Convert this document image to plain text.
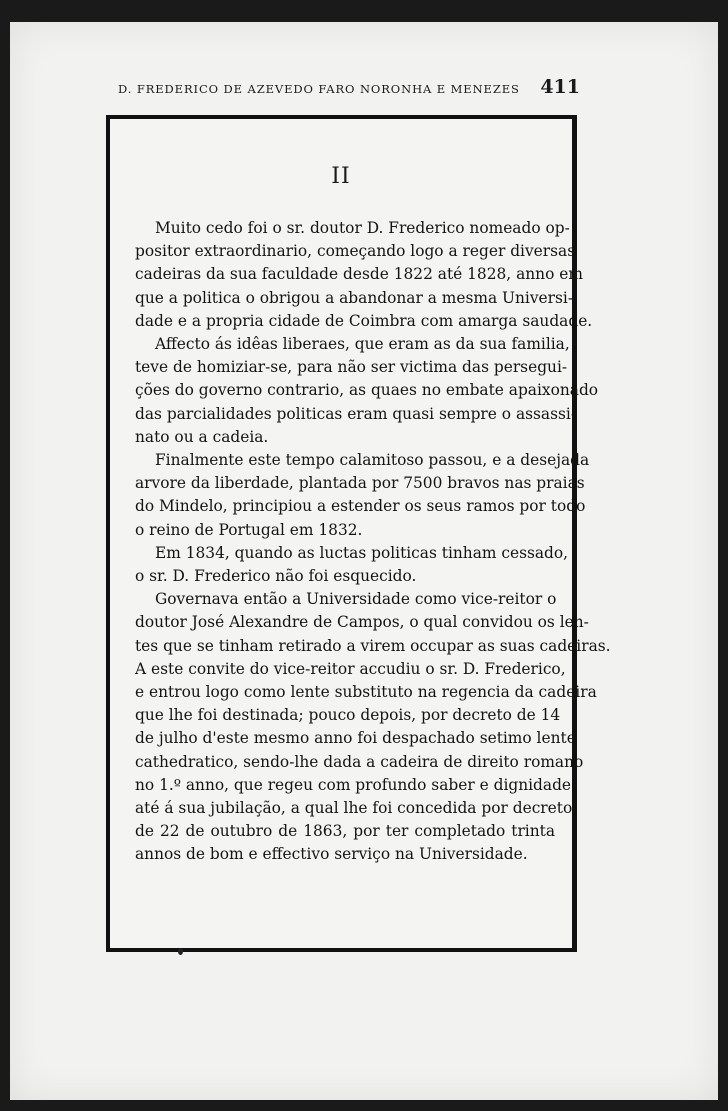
D. FREDERICO DE AZEVEDO FARO NORONHA E MENEZES 411
II
Muito cedo foi o sr. doutor D. Frederico nomeado op-
positor extraordinario, começando logo a reger diversas
cadeiras da sua faculdade desde 1822 até 1828, anno em
que a politica o obrigou a abandonar a mesma Universi-
dade e a propria cidade de Coimbra com amarga saudade.
Affecto ás idêas liberaes, que eram as da sua familia,
teve de homiziar-se, para não ser victima das persegui-
ções do governo contrario, as quaes no embate apaixonado
das parcialidades politicas eram quasi sempre o assassi-
nato ou a cadeia.
Finalmente este tempo calamitoso passou, e a desejada
arvore da liberdade, plantada por 7500 bravos nas praias
do Mindelo, principiou a estender os seus ramos por todo
o reino de Portugal em 1832.
Em 1834, quando as luctas politicas tinham cessado,
o sr. D. Frederico não foi esquecido.
Governava então a Universidade como vice-reitor o
doutor José Alexandre de Campos, o qual convidou os len-
tes que se tinham retirado a virem occupar as suas cadeiras.
A este convite do vice-reitor accudiu o sr. D. Frederico,
e entrou logo como lente substituto na regencia da cadeira
que lhe foi destinada; pouco depois, por decreto de 14
de julho d'este mesmo anno foi despachado setimo lente
cathedratico, sendo-lhe dada a cadeira de direito romano
no 1.º anno, que regeu com profundo saber e dignidade
até á sua jubilação, a qual lhe foi concedida por decreto
de 22 de outubro de 1863, por ter completado trinta
annos de bom e effectivo serviço na Universidade.
